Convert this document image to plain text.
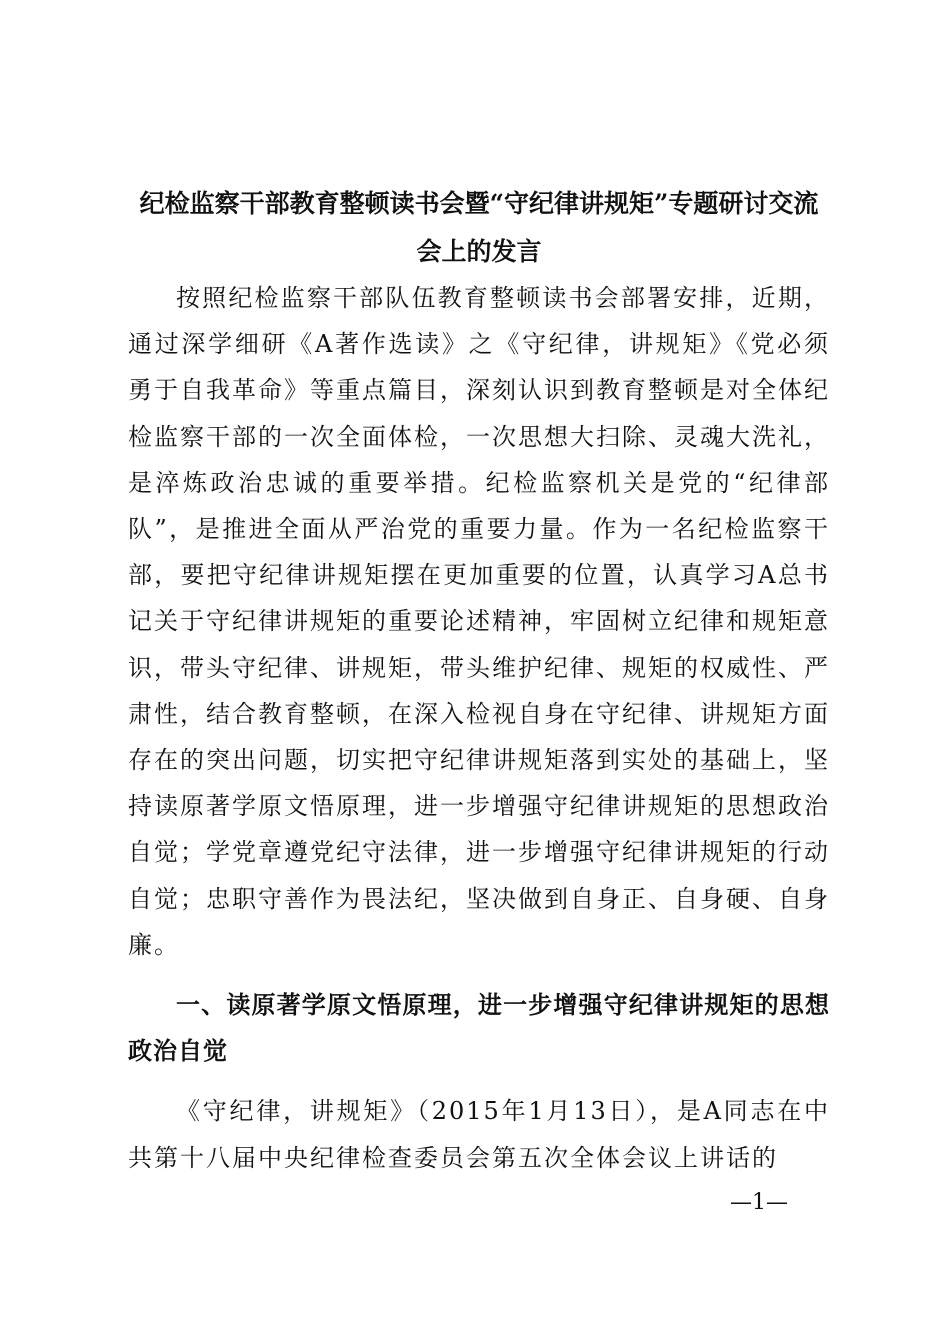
纪检监察干部教育整顿读书会暨“守纪律讲规矩”专题研讨交流会上的发言

按照纪检监察干部队伍教育整顿读书会部署安排，近期，通过深学细研《A著作选读》之《守纪律，讲规矩》《党必须勇于自我革命》等重点篇目，深刻认识到教育整顿是对全体纪检监察干部的一次全面体检，一次思想大扫除、灵魂大洗礼，是淬炼政治忠诚的重要举措。纪检监察机关是党的“纪律部队”，是推进全面从严治党的重要力量。作为一名纪检监察干部，要把守纪律讲规矩摆在更加重要的位置，认真学习A总书记关于守纪律讲规矩的重要论述精神，牢固树立纪律和规矩意识，带头守纪律、讲规矩，带头维护纪律、规矩的权威性、严肃性，结合教育整顿，在深入检视自身在守纪律、讲规矩方面存在的突出问题，切实把守纪律讲规矩落到实处的基础上，坚持读原著学原文悟原理，进一步增强守纪律讲规矩的思想政治自觉；学党章遵党纪守法律，进一步增强守纪律讲规矩的行动自觉；忠职守善作为畏法纪，坚决做到自身正、自身硬、自身廉。

一、读原著学原文悟原理，进一步增强守纪律讲规矩的思想政治自觉

《守纪律，讲规矩》（2015年1月13日），是A同志在中共第十八届中央纪律检查委员会第五次全体会议上讲话的

—1—
